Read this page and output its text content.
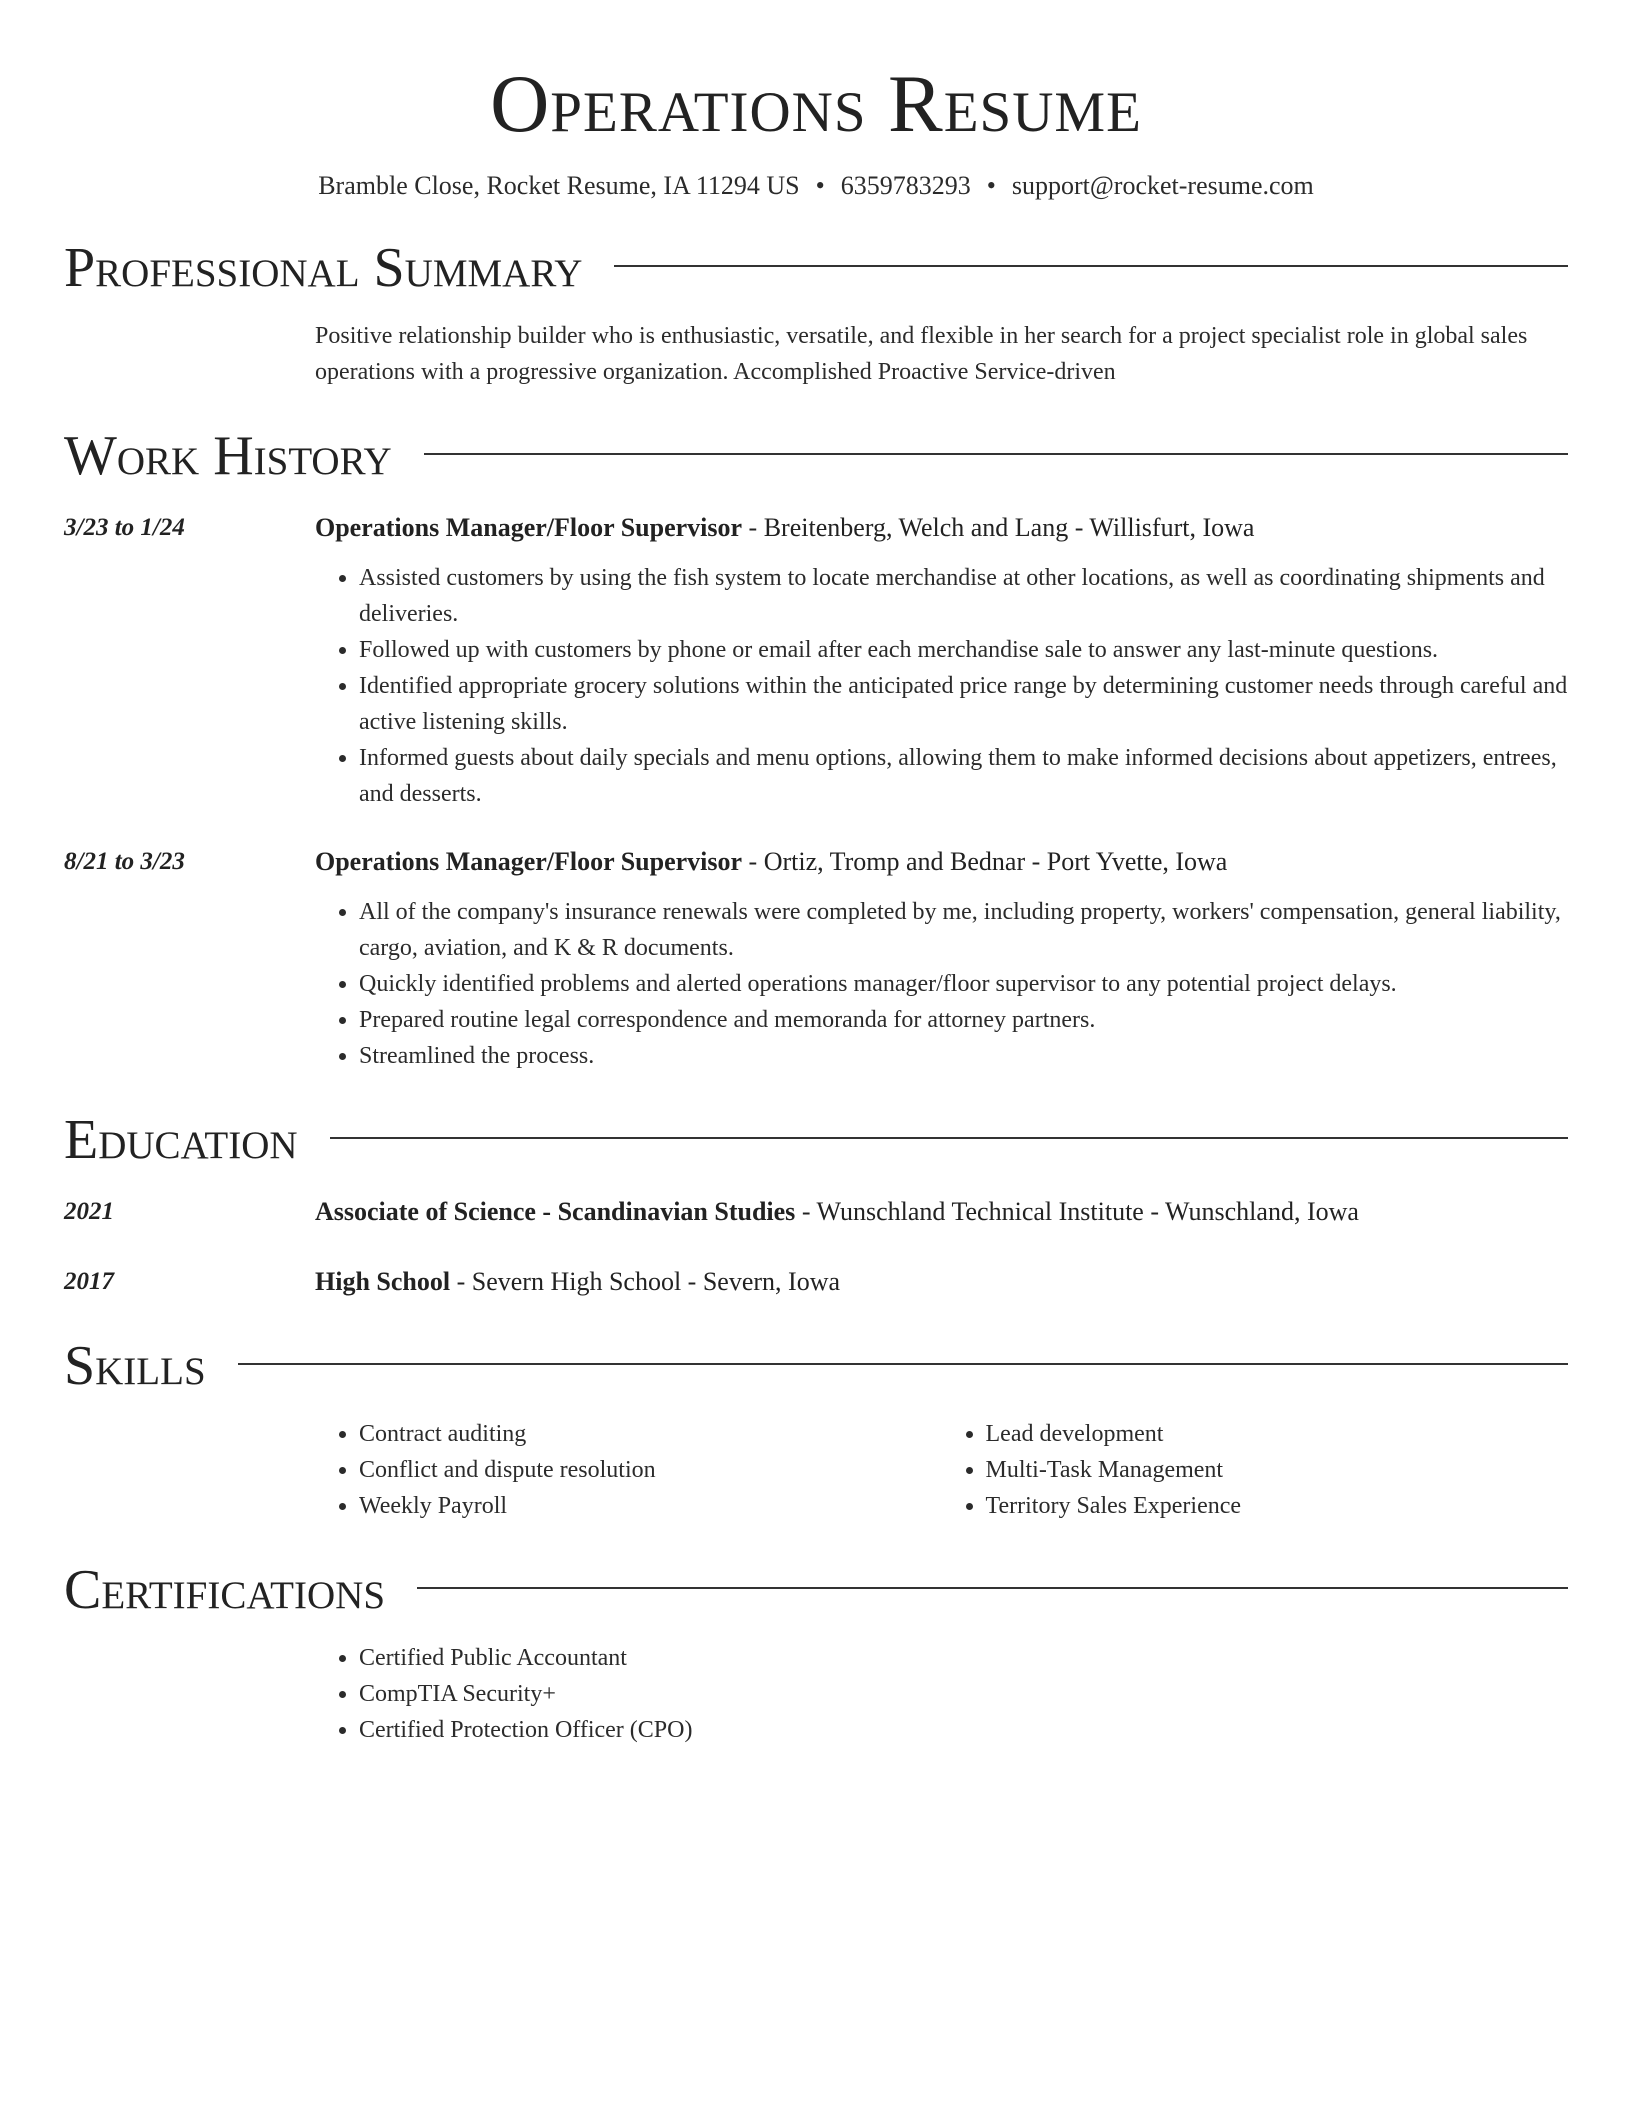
Operations Resume
Bramble Close, Rocket Resume, IA 11294 US • 6359783293 • support@rocket-resume.com
Professional Summary
Positive relationship builder who is enthusiastic, versatile, and flexible in her search for a project specialist role in global sales operations with a progressive organization. Accomplished Proactive Service-driven
Work History
3/23 to 1/24	Operations Manager/Floor Supervisor - Breitenberg, Welch and Lang - Willisfurt, Iowa
• Assisted customers by using the fish system to locate merchandise at other locations, as well as coordinating shipments and deliveries.
• Followed up with customers by phone or email after each merchandise sale to answer any last-minute questions.
• Identified appropriate grocery solutions within the anticipated price range by determining customer needs through careful and active listening skills.
• Informed guests about daily specials and menu options, allowing them to make informed decisions about appetizers, entrees, and desserts.
8/21 to 3/23	Operations Manager/Floor Supervisor - Ortiz, Tromp and Bednar - Port Yvette, Iowa
• All of the company's insurance renewals were completed by me, including property, workers' compensation, general liability, cargo, aviation, and K & R documents.
• Quickly identified problems and alerted operations manager/floor supervisor to any potential project delays.
• Prepared routine legal correspondence and memoranda for attorney partners.
• Streamlined the process.
Education
2021	Associate of Science - Scandinavian Studies - Wunschland Technical Institute - Wunschland, Iowa
2017	High School - Severn High School - Severn, Iowa
Skills
• Contract auditing
• Conflict and dispute resolution
• Weekly Payroll
• Lead development
• Multi-Task Management
• Territory Sales Experience
Certifications
• Certified Public Accountant
• CompTIA Security+
• Certified Protection Officer (CPO)
